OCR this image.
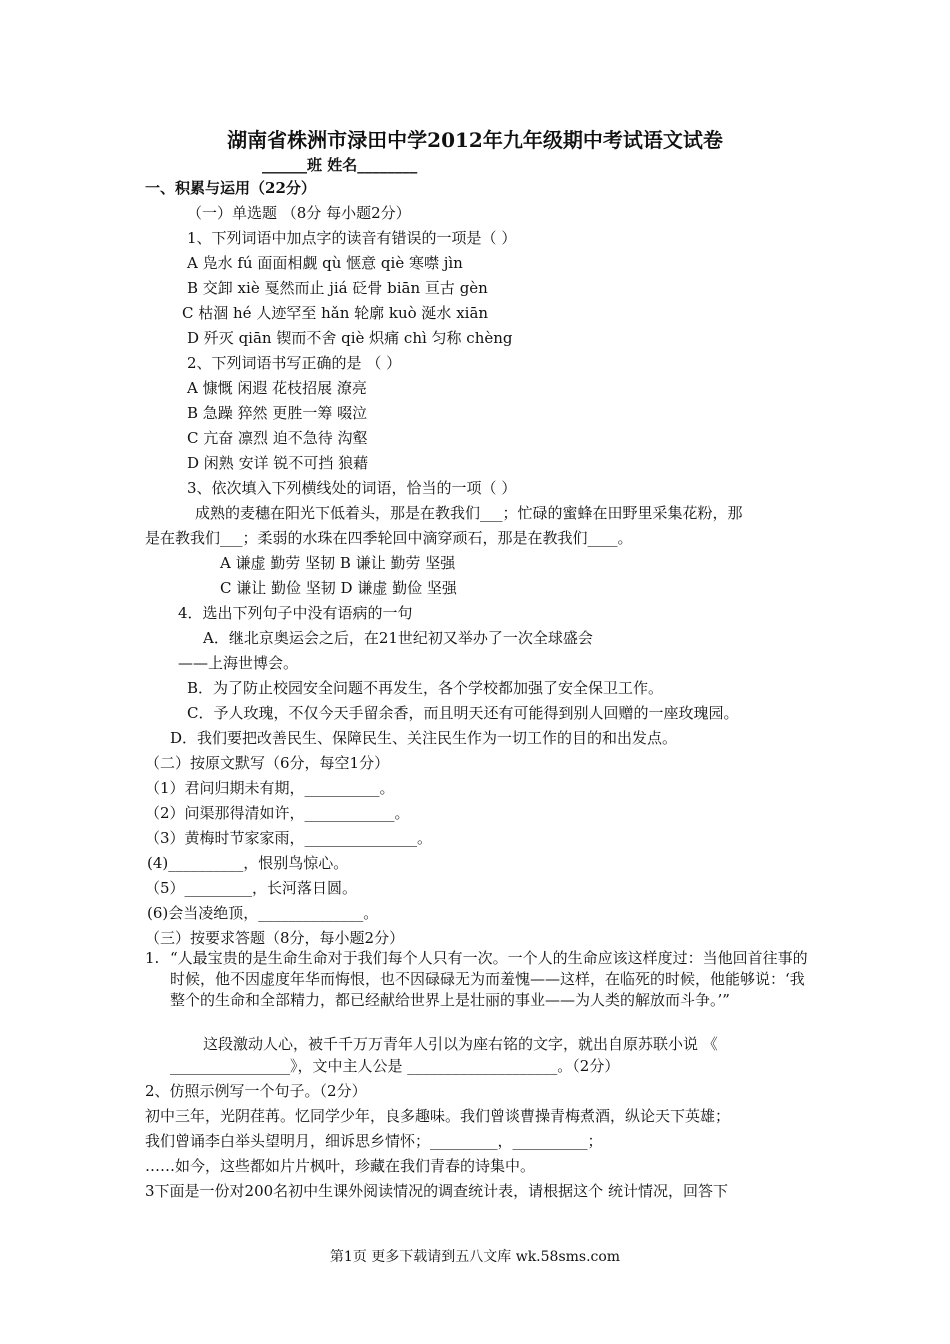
湖南省株洲市渌田中学2012年九年级期中考试语文试卷
______班 姓名________
一、积累与运用（22分）
（一）单选题 （8分 每小题2分）
1、下列词语中加点字的读音有错误的一项是（ ）
A 凫水 fú 面面相觑 qù 惬意 qiè 寒噤 jìn
B 交卸 xiè 戛然而止 jiá 砭骨 biān 亘古 gèn
C 枯涸 hé 人迹罕至 hǎn 轮廓 kuò 涎水 xiān
D 歼灭 qiān 锲而不舍 qiè 炽痛 chì 匀称 chèng
2、下列词语书写正确的是 （ ）
A 慷慨 闲遐 花枝招展 潦亮
B 急躁 猝然 更胜一筹 啜泣
C 亢奋 凛烈 迫不急待 沟壑
D 闲熟 安详 锐不可挡 狼藉
3、依次填入下列横线处的词语，恰当的一项（ ）
成熟的麦穗在阳光下低着头，那是在教我们___；忙碌的蜜蜂在田野里采集花粉，那
是在教我们___；柔弱的水珠在四季轮回中滴穿顽石，那是在教我们____。
A 谦虚 勤劳 坚韧 B 谦让 勤劳 坚强
C 谦让 勤俭 坚韧 D 谦虚 勤俭 坚强
4．选出下列句子中没有语病的一句
A．继北京奥运会之后，在21世纪初又举办了一次全球盛会
——上海世博会。
B．为了防止校园安全问题不再发生，各个学校都加强了安全保卫工作。
C．予人玫瑰，不仅今天手留余香，而且明天还有可能得到别人回赠的一座玫瑰园。
D．我们要把改善民生、保障民生、关注民生作为一切工作的目的和出发点。
（二）按原文默写（6分，每空1分）
（1）君问归期未有期，__________。
（2）问渠那得清如许，____________。
（3）黄梅时节家家雨，_______________。
(4)__________，恨别鸟惊心。
（5）_________，长河落日圆。
(6)会当凌绝顶，______________。
（三）按要求答题（8分，每小题2分）
1. “人最宝贵的是生命生命对于我们每个人只有一次。一个人的生命应该这样度过：当他回首往事的时候，他不因虚度年华而悔恨，也不因碌碌无为而羞愧——这样，在临死的时候，他能够说：‘我整个的生命和全部精力，都已经献给世界上是壮丽的事业——为人类的解放而斗争。’”
这段激动人心，被千千万万青年人引以为座右铭的文字，就出自原苏联小说 《
________________》，文中主人公是 ____________________。（2分）
2、仿照示例写一个句子。（2分）
初中三年，光阴荏苒。忆同学少年，良多趣味。我们曾谈曹操青梅煮酒，纵论天下英雄；
我们曾诵李白举头望明月，细诉思乡情怀；_________，__________；
……如今，这些都如片片枫叶，珍藏在我们青春的诗集中。
3下面是一份对200名初中生课外阅读情况的调查统计表，请根据这个 统计情况，回答下
第1页 更多下载请到五八文库 wk.58sms.com
